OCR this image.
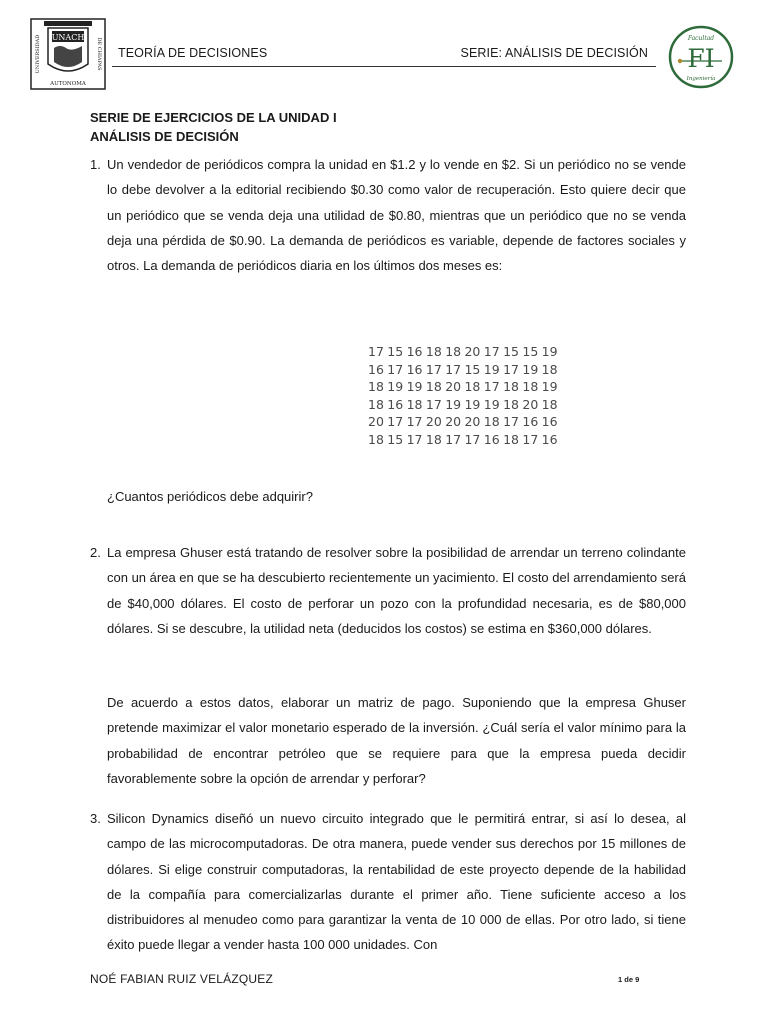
UNIVERSIDAD	DE CHIAPAS
UNACH
AUTONOMA
TEORÍA DE DECISIONES	SERIE: ANÁLISIS DE DECISIÓN
Facultad
FI
Ingeniería
SERIE DE EJERCICIOS DE LA UNIDAD I
ANÁLISIS DE DECISIÓN
1. Un vendedor de periódicos compra la unidad en $1.2 y lo vende en $2. Si un periódico no se vende lo debe devolver a la editorial recibiendo $0.30 como valor de recuperación. Esto quiere decir que un periódico que se venda deja una utilidad de $0.80, mientras que un periódico que no se venda deja una pérdida de $0.90. La demanda de periódicos es variable, depende de factores sociales y otros. La demanda de periódicos diaria en los últimos dos meses es:

¿Cuantos periódicos debe adquirir?

2. La empresa Ghuser está tratando de resolver sobre la posibilidad de arrendar un terreno colindante con un área en que se ha descubierto recientemente un yacimiento. El costo del arrendamiento será de $40,000 dólares. El costo de perforar un pozo con la profundidad necesaria, es de $80,000 dólares. Si se descubre, la utilidad neta (deducidos los costos) se estima en $360,000 dólares.

De acuerdo a estos datos, elaborar un matriz de pago. Suponiendo que la empresa Ghuser pretende maximizar el valor monetario esperado de la inversión. ¿Cuál sería el valor mínimo para la probabilidad de encontrar petróleo que se requiere para que la empresa pueda decidir favorablemente sobre la opción de arrendar y perforar?

3. Silicon Dynamics diseñó un nuevo circuito integrado que le permitirá entrar, si así lo desea, al campo de las microcomputadoras. De otra manera, puede vender sus derechos por 15 millones de dólares. Si elige construir computadoras, la rentabilidad de este proyecto depende de la habilidad de la compañía para comercializarlas durante el primer año. Tiene suficiente acceso a los distribuidores al menudeo como para garantizar la venta de 10 000 de ellas. Por otro lado, si tiene éxito puede llegar a vender hasta 100 000 unidades. Con

17 15 16 18 18 20 17 15 15 19
16 17 16 17 17 15 19 17 19 18
18 19 19 18 20 18 17 18 18 19
18 16 18 17 19 19 19 18 20 18
20 17 17 20 20 20 18 17 16 16
18 15 17 18 17 17 16 18 17 16
NOÉ FABIAN RUIZ VELÁZQUEZ	1 de 9
